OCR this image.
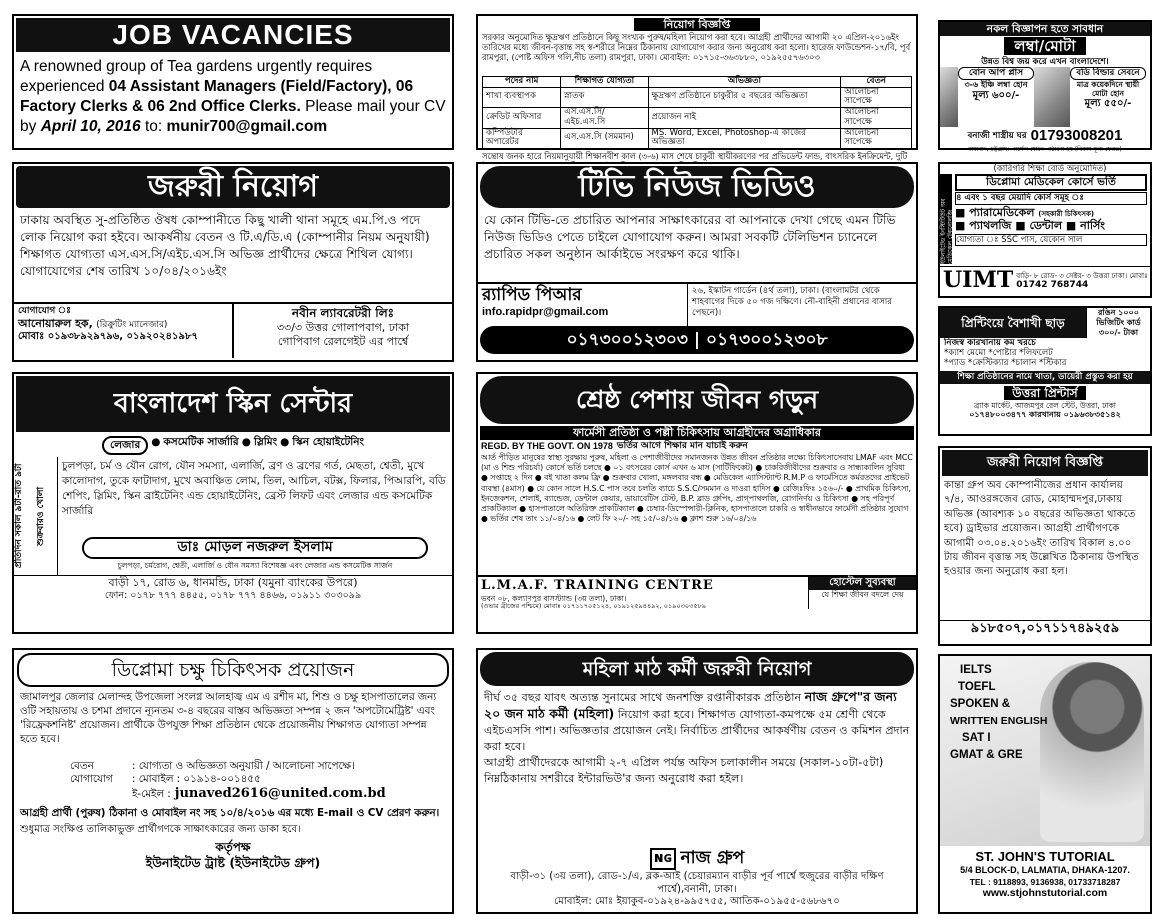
JOB VACANCIES
A renowned group of Tea gardens urgently requires experienced 04 Assistant Managers (Field/Factory), 06 Factory Clerks & 06 2nd Office Clerks. Please mail your CV by April 10, 2016 to: munir700@gmail.com
নিয়োগ বিজ্ঞপ্তি
সরকার অনুমোদিত ক্ষুদ্রঋণ প্রতিষ্ঠানে কিছু সংখ্যক পুরুষ/মহিলা নিয়োগ করা হবে। আগ্রহী প্রার্থীদের আগামী ২০ এপ্রিল-২০১৬ইং তারিখের মধ্যে জীবন-বৃত্তান্ত সহ স্ব-শরীরে নিম্নের ঠিকানায় যোগাযোগ করার জন্য অনুরোধ করা হলো। হারেজ ফাউন্ডেশন-১৭/বি, পূর্ব রামপুরা, (পোষ্ট অফিস গলি,নীচ তলা) রামপুরা, ঢাকা। মোবাইল: ০১৭১৫-৩৬৩৮৮০, ০১৯২৫৫৭৬৩০৩
পদের নাম	শিক্ষাগত যোগ্যতা	অভিজ্ঞতা	বেতন
শাখা ব্যবস্থাপক	স্নাতক	ক্ষুদ্রঋণ প্রতিষ্ঠানে চাকুরীর ৫ বছরের অভিজ্ঞতা	আলোচনা সাপেক্ষে
ক্রেডিট অফিসার	এস.এস.সি/এইচ.এস.সি	প্রয়োজন নাই	আলোচনা সাপেক্ষে
কম্পিউটার অপারেটর	এস.এস.সি (সমমান)	MS. Word, Excel, Photoshop-এ কাজের অভিজ্ঞতা	আলোচনা সাপেক্ষে
সন্তোষ জনক হারে নিয়মানুযায়ী শিক্ষানবীশ কাল (৩-৬) মাস শেষে চাকুরী স্থায়ীকরণের পর প্রভিডেন্ট ফান্ড, বাৎসরিক ইনক্রিমেন্ট, দুটি
নকল বিজ্ঞাপন হতে সাবধান
লম্বা/মোটা
উন্নত বিশ্ব জয় করে এখন বাংলাদেশে।
বোন আপ প্লাস
৩-৬ ইঞ্চি লম্বা হোন
মূল্য ৬০০/-
বডি বিল্ডার সেবনে
মাত্র কয়েকদিনে স্থায়ী মোটা হোন
মূল্য ৫৫০/-
বনাজী শাস্ত্রীয় ঘর 01793008201
অম্বাবাদ, চট্টগ্রাম। পার্সেল যোগে পাঠানো হয় (বিকাশ মূল্য ফেরত)
জরুরী নিয়োগ
ঢাকায় অবস্থিত সু-প্রতিষ্ঠিত ঔষধ কোম্পানীতে কিছু খালী থানা সমূহে এম.পি.ও পদে লোক নিয়োগ করা হইবে। আকর্ষনীয় বেতন ও টি.এ/ডি.এ (কোম্পানীর নিয়ম অনুযায়ী) শিক্ষাগত যোগ্যতা এস.এস.সি/এইচ.এস.সি অভিজ্ঞ প্রার্থীদের ক্ষেত্রে শিথিল যোগ্য। যোগাযোগের শেষ তারিখ ১০/০৪/২০১৬ইং
যোগাযোগ ঃ
আনোয়ারুল হক, (রিক্রুটিং ম্যানেজার)
মোবাঃ ০১৯৩৮৯২৯৭৯৬, ০১৯২০২৪১৯৮৭
নবীন ল্যাবরেটরী লিঃ
৩৩/৩ উত্তর গোলাপবাগ, ঢাকা
গোপিবাগ রেলগেইট এর পার্শ্বে
টিভি নিউজ ভিডিও
যে কোন টিভি-তে প্রচারিত আপনার সাক্ষাৎকারের বা আপনাকে দেখা গেছে এমন টিভি নিউজ ভিডিও পেতে চাইলে যোগাযোগ করুন। আমরা সবকটি টেলিভিশন চ্যানেলে প্রচারিত সকল অনুষ্ঠান আর্কাইভে সংরক্ষণ করে থাকি।
র‍্যাপিড পিআর
info.rapidpr@gmail.com
২৬, ইস্কাটন গার্ডেন (৪র্থ তলা), ঢাকা। (বাংলামটর থেকে শাহবাগের দিকে ৫০ গজ দক্ষিণে। নৌ-বাহিনী প্রধানের বাসার পেছনে)।
০১৭৩০০১২৩০৩ | ০১৭৩০০১২৩০৮
(কারিগরি শিক্ষা বোর্ড অনুমোদিত)
ইউনাইটেড ইনস্টিটিউট অব মেডিকেল টেকনোলজি
ডিপ্লোমা মেডিকেল কোর্সে ভর্তি
৪ এবং ১ বছর মেয়াদি কোর্স সমূহ ঃ
■ প্যারামেডিকেল (সহকারী চিকিৎসক)
■ প্যাথলজি ■ ডেন্টাল ■ নার্সিং
যোগ্যতা ঃ SSC পাস, যেকোন সাল
UIMT বাড়ি- ৮ রোড- ৩ সেক্টর- ৩ উত্তরা ঢাকা। মোবাঃ 01742 768744
প্রিন্টিংয়ে বৈশাখী ছাড়
রঙিন ১০০০ ভিজিটিং কার্ড ৩০০/- টাকা
নিজস্ব কারখানায় কম খরচে
*ক্যাশ মেমো *পোষ্টার *লিফলেট
*প্যাড *ক্রেস্টিক্যার *চালান *স্টিকার
শিক্ষা প্রতিষ্ঠানের নামে খাতা, ডায়েরী প্রস্তুত করা হয়
উত্তরা প্রিন্টার্স
ব্র্যাক মার্কেট, আজমপুর রেল স্টেট, উত্তরা, ঢাকা
০১৭৪৮০০৩৪৭৭ কারখানায় ০১৯৬৩৮৩৫১৪২
বাংলাদেশ স্কিন সেন্টার
লেজার	● কসমেটিক সার্জারি ● স্লিমিং ● স্কিন হোয়াইটেনিং
প্রতিদিন সকাল ৯টা-রাত ৯টা	শুক্রবারও খোলা
চুলপড়া, চর্ম ও যৌন রোগ, যৌন সমস্যা, এলার্জি, ব্রণ ও ব্রণের গর্ত, মেছতা, শ্বেতী, মুখে কালোদাগ, তুকে ফাটাদাগ, মুখে অবাঞ্চিত লোম, তিল, আচিল, বটক্স, ফিলার, পিআরপি, বডি শেপিং, স্লিমিং, স্কিন ব্রাইটেনিং এন্ড হোয়াইটেনিং, ব্রেস্ট লিফট এবং লেজার এন্ড কসমেটিক সার্জারি
ডাঃ মোড়ল নজরুল ইসলাম
চুলপড়া, চর্মরোগ, শ্বেতী, এলার্জি ও যৌন সমস্যা বিশেষজ্ঞ এবং লেজার এন্ড কসমেটিক সার্জন
বাড়ী ১৭, রোড ৬, ধানমন্ডি, ঢাকা (যমুনা ব্যাংকের উপরে)
ফোন: ০১৭৮ ৭৭৭ ৪৪৫৫, ০১৭৮ ৭৭৭ ৪৪৬৬, ০১৯১১ ৩০৩০৯৯
শ্রেষ্ঠ পেশায় জীবন গড়ুন
ফার্মেসী প্রতিষ্ঠা ও পল্লী চিকিৎসায় আগ্রহীদের অগ্রাধিকার
REGD. BY THE GOVT. ON 1978 ভর্তির আগে শিক্ষার মান যাচাই করুন
আর্ত পীড়িত মানুষের স্বাস্থ্য সুরক্ষায় পুরুষ, মহিলা ও পেশাজীবীদের সমানজনক উন্নত জীবন প্রতিষ্ঠার লক্ষ্যে চিকিৎসাসেবায় LMAF এবং MCC (মা ও শিশু পরিচর্যা) কোর্সে ভর্তি চলছে ● ০১ বৎসরের কোর্স এখন ৬ মাস (সার্টিফিকেট) ● চাকরিজীবীদের শুক্রবার ও সান্ধ্যকালিন সুবিধা ● সপ্তাহে ২ দিন ● বই খাতা কলম ফ্রি ● শুক্রবার খোলা, মঙ্গলবার বন্ধ ● মেডিকেল এ্যাসিস্ট্যান্ট R.M.P ও ফার্মেসিতে কর্মরতদের প্রাইভেট ব্যবস্থা (৪মাস) ● যে কোন সালে H.S.C পাস তবে চলতি ব্যাচে S.S.C/সমমান ও দাওরা হাদিস ● রেজিঃফিঃ ১৫৬০/- ● প্রাথমিক চিকিৎসা, ইনজেকশন, শেলাই, ব্যান্ডেজ, ডেন্টাল কেয়ার, ডায়াবেটিস টেস্ট, B.P. ব্লাড গ্রুপিং, প্রাগ্‌পাথলজি, রোগনির্ণয় ও চিকিৎসা ● সহ পরিপূর্ণ প্রাকটিক্যাল ● হাসপাতালে অতিরিক্ত প্রাকটিক্যাল ● চেম্বার-ডিস্পেন্সারী-ক্লিনিক, হাসপাতালে চাকরি ও স্বাধীনভাবে ফার্মেসী প্রতিষ্ঠার সুযোগ ● ভর্তির শেষ তাং ১১/০৪/১৬ ● লেট ফি ২০/- সহ ১৫/০৪/১৬ ● ক্লাশ শুরু ১৬/০৪/১৬
L.M.A.F. TRAINING CENTRE
ভবন ০৮, কল্যাণপুর বাসস্ট্যান্ড (৩য় তলা), ঢাকা।
(ওভার ব্রীজের পশ্চিমে) মোবাঃ ০১৭১১৭০৫১২৪, ০১৯১২৫৯৪৪৯২, ০১৯০৩০৩৫৮৯
হোস্টেল সুব্যবস্থা
যে শিক্ষা জীবন বদলে দেয়
জরুরী নিয়োগ বিজ্ঞপ্তি
কান্তা গ্রুপ অব কোম্পানীজের প্রধান কার্যালয় ৭/৪, আওরঙ্গজেব রোড, মোহাম্মদপুর,ঢাকায় অভিজ্ঞ (আবশ্যক ১০ বছরের অভিজ্ঞতা থাকতে হবে) ড্রাইভার প্রয়োজন। আগ্রহী প্রার্থীগণকে আগামী ০৩.০৪.২০১৬ইং তারিখ বিকাল ৪.০০ টায় জীবন বৃত্তান্ত সহ উল্লেখিত ঠিকানায় উপস্থিত হওয়ার জন্য অনুরোধ করা হল।
৯১৮৫০৭,০১৭১১৭৪৯২৫৯
ডিপ্লোমা চক্ষু চিকিৎসক প্রয়োজন
জামালপুর জেলার মেলান্দহ উপজেলা সংলগ্ন আলহাজ্ব এম এ রশীদ মা, শিশু ও চক্ষু হাসপাতালের জন্য ওটি সহায়তায় ও চশমা প্রদানে ন্যূনতম ৩-৪ বছরের বাস্তব অভিজ্ঞতা সম্পন্ন ২ জন 'অপটোমেট্রিষ্ট' এবং 'রিফ্রেকশনিষ্ট' প্রয়োজন। প্রার্থীকে উপযুক্ত শিক্ষা প্রতিষ্ঠান থেকে প্রয়োজনীয় শিক্ষাগত যোগ্যতা সম্পন্ন হতে হবে।
বেতন	: যোগ্যতা ও অভিজ্ঞতা অনুযায়ী / আলোচনা সাপেক্ষে।
যোগাযোগ	: মোবাইল : ০১৯১৪-০০১৪৫৫
ই-মেইল : junaved2616@united.com.bd
আগ্রহী প্রার্থী (পুরুষ) ঠিকানা ও মোবাইল নং সহ ১০/৪/২০১৬ এর মধ্যে E-mail ও CV প্রেরণ করুন।
শুধুমাত্র সংক্ষিপ্ত তালিকাভুক্ত প্রার্থীগণকে সাক্ষাৎকারের জন্য ডাকা হবে।
কর্তৃপক্ষ
ইউনাইটেড ট্রাষ্ট (ইউনাইটেড গ্রুপ)
মহিলা মাঠ কর্মী জরুরী নিয়োগ
দীর্ঘ ৩৫ বছর যাবৎ অত্যন্ত সুনামের সাথে জনশক্তি রপ্তানীকারক প্রতিষ্ঠান নাজ গ্রুপে"র জন্য ২০ জন মাঠ কর্মী (মহিলা) নিয়োগ করা হবে। শিক্ষাগত যোগ্যতা-কমপক্ষে ৫ম শ্রেণী থেকে এইচএসসি পাশ। অভিজ্ঞতার প্রয়োজন নেই। নির্বাচিত প্রার্থীদের আকর্ষণীয় বেতন ও কমিশন প্রদান করা হবে।
আগ্রহী প্রার্থীদেরকে আগামী ২-৭ এপ্রিল পর্যন্ত অফিস চলাকালীন সময়ে (সকাল-১০টা-৫টা) নিম্নঠিকানায় সশরীরে ইন্টারভিউ'র জন্য অনুরোধ করা হইল।
ɴɢ নাজ গ্রুপ
বাড়ী-৩১ (৩য় তলা), রোড-১/এ, ব্লক-আই (চেয়ারম্যান বাড়ীর পূর্ব পার্শ্বে হুজুরের বাড়ীর দক্ষিণ পার্শ্বে),বনানী, ঢাকা।
মোবাইল: মোঃ ইয়াকুব-০১৯২৪-৯৯৫৭৫৫, আতিক-০১৯৫৫-৫৬৮৬৭০
IELTS
TOEFL
SPOKEN &
WRITTEN ENGLISH
SAT I
GMAT & GRE
ST. JOHN'S TUTORIAL
5/4 BLOCK-D, LALMATIA, DHAKA-1207.
TEL : 9118893, 9136938, 01733718287
www.stjohnstutorial.com
